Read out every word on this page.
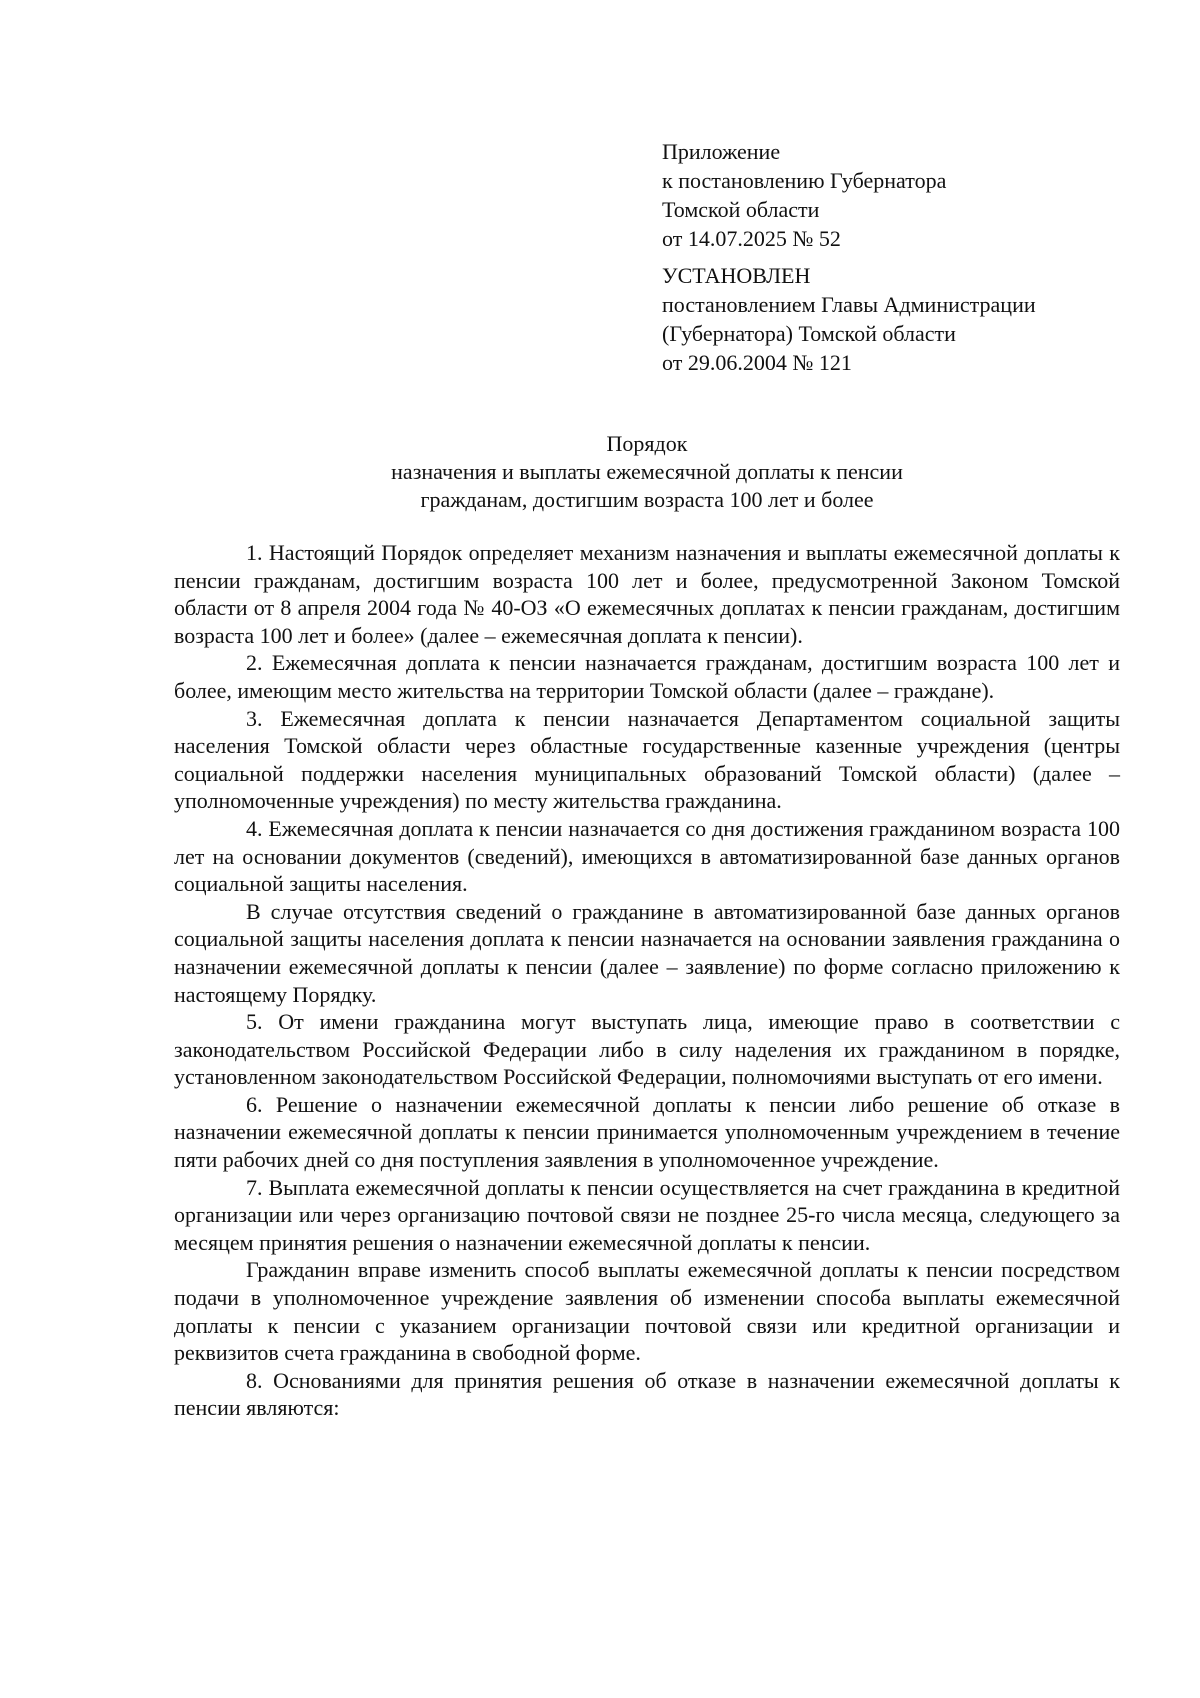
Приложение
к постановлению Губернатора
Томской области
от 14.07.2025 № 52
УСТАНОВЛЕН
постановлением Главы Администрации
(Губернатора) Томской области
от 29.06.2004 № 121
Порядок
назначения и выплаты ежемесячной доплаты к пенсии
гражданам, достигшим возраста 100 лет и более

1. Настоящий Порядок определяет механизм назначения и выплаты ежемесячной доплаты к пенсии гражданам, достигшим возраста 100 лет и более, предусмотренной Законом Томской области от 8 апреля 2004 года № 40-ОЗ «О ежемесячных доплатах к пенсии гражданам, достигшим возраста 100 лет и более» (далее – ежемесячная доплата к пенсии).

2. Ежемесячная доплата к пенсии назначается гражданам, достигшим возраста 100 лет и более, имеющим место жительства на территории Томской области (далее – граждане).

3. Ежемесячная доплата к пенсии назначается Департаментом социальной защиты населения Томской области через областные государственные казенные учреждения (центры социальной поддержки населения муниципальных образований Томской области) (далее – уполномоченные учреждения) по месту жительства гражданина.

4. Ежемесячная доплата к пенсии назначается со дня достижения гражданином возраста 100 лет на основании документов (сведений), имеющихся в автоматизированной базе данных органов социальной защиты населения.

В случае отсутствия сведений о гражданине в автоматизированной базе данных органов социальной защиты населения доплата к пенсии назначается на основании заявления гражданина о назначении ежемесячной доплаты к пенсии (далее – заявление) по форме согласно приложению к настоящему Порядку.

5. От имени гражданина могут выступать лица, имеющие право в соответствии с законодательством Российской Федерации либо в силу наделения их гражданином в порядке, установленном законодательством Российской Федерации, полномочиями выступать от его имени.

6. Решение о назначении ежемесячной доплаты к пенсии либо решение об отказе в назначении ежемесячной доплаты к пенсии принимается уполномоченным учреждением в течение пяти рабочих дней со дня поступления заявления в уполномоченное учреждение.

7. Выплата ежемесячной доплаты к пенсии осуществляется на счет гражданина в кредитной организации или через организацию почтовой связи не позднее 25-го числа месяца, следующего за месяцем принятия решения о назначении ежемесячной доплаты к пенсии.

Гражданин вправе изменить способ выплаты ежемесячной доплаты к пенсии посредством подачи в уполномоченное учреждение заявления об изменении способа выплаты ежемесячной доплаты к пенсии с указанием организации почтовой связи или кредитной организации и реквизитов счета гражданина в свободной форме.

8. Основаниями для принятия решения об отказе в назначении ежемесячной доплаты к пенсии являются:
